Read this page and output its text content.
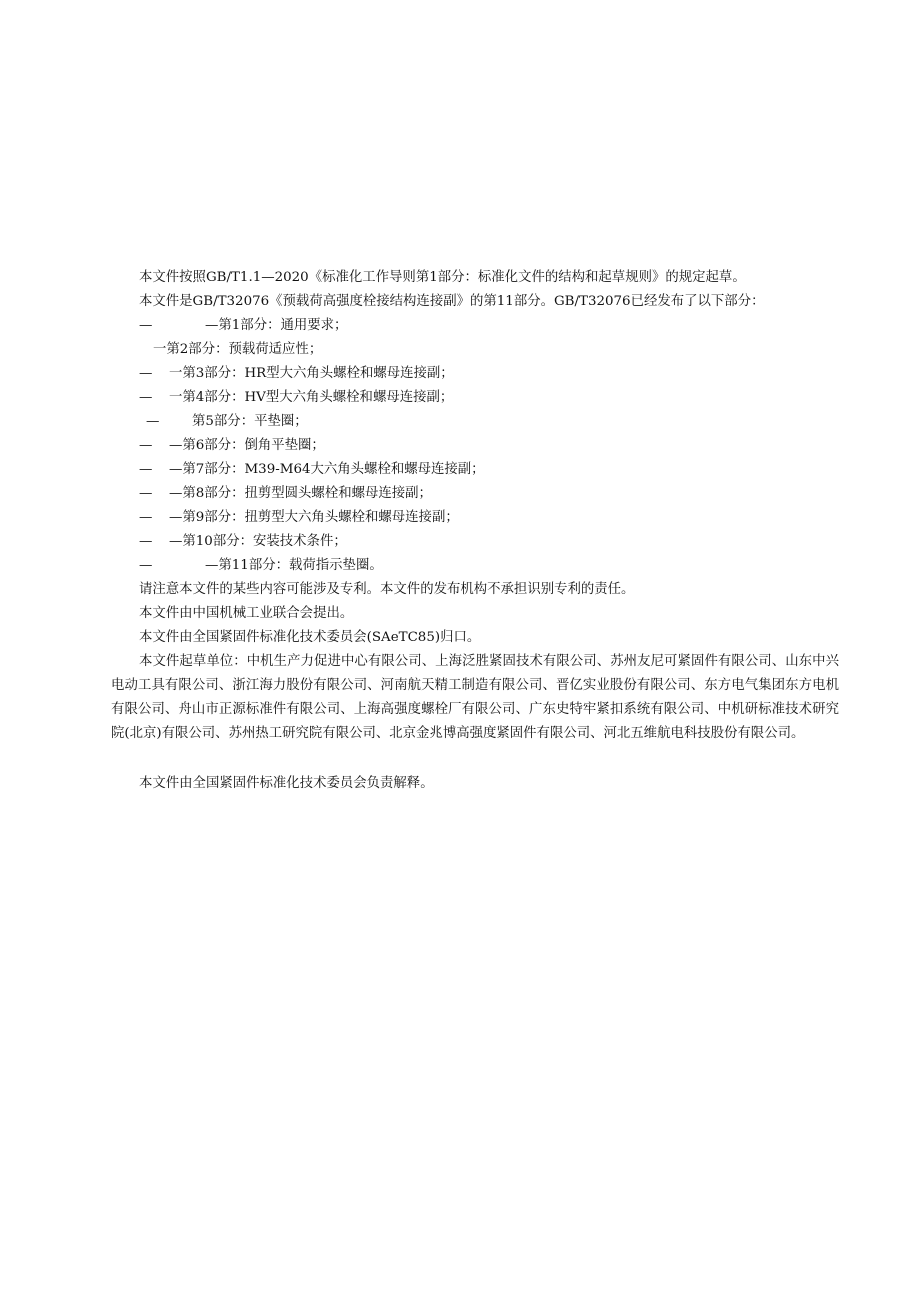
本文件按照GB/T1.1—2020《标准化工作导则第1部分：标准化文件的结构和起草规则》的规定起草。
本文件是GB/T32076《预载荷高强度栓接结构连接副》的第11部分。GB/T32076已经发布了以下部分：
—	—第1部分：通用要求；
一第2部分：预载荷适应性；
— 一第3部分：HR型大六角头螺栓和螺母连接副；
— 一第4部分：HV型大六角头螺栓和螺母连接副；
— 第5部分：平垫圈；
— —第6部分：倒角平垫圈；
— —第7部分：M39-M64大六角头螺栓和螺母连接副；
— —第8部分：扭剪型圆头螺栓和螺母连接副；
— —第9部分：扭剪型大六角头螺栓和螺母连接副；
— —第10部分：安装技术条件；
—	—第11部分：载荷指示垫圈。
请注意本文件的某些内容可能涉及专利。本文件的发布机构不承担识别专利的责任。
本文件由中国机械工业联合会提出。
本文件由全国紧固件标准化技术委员会(SAeTC85)归口。
本文件起草单位：中机生产力促进中心有限公司、上海泛胜紧固技术有限公司、苏州友尼可紧固件有限公司、山东中兴电动工具有限公司、浙江海力股份有限公司、河南航天精工制造有限公司、晋亿实业股份有限公司、东方电气集团东方电机有限公司、舟山市正源标准件有限公司、上海高强度螺栓厂有限公司、广东史特牢紧扣系统有限公司、中机研标准技术研究院(北京)有限公司、苏州热工研究院有限公司、北京金兆博高强度紧固件有限公司、河北五维航电科技股份有限公司。
本文件由全国紧固件标准化技术委员会负责解释。
